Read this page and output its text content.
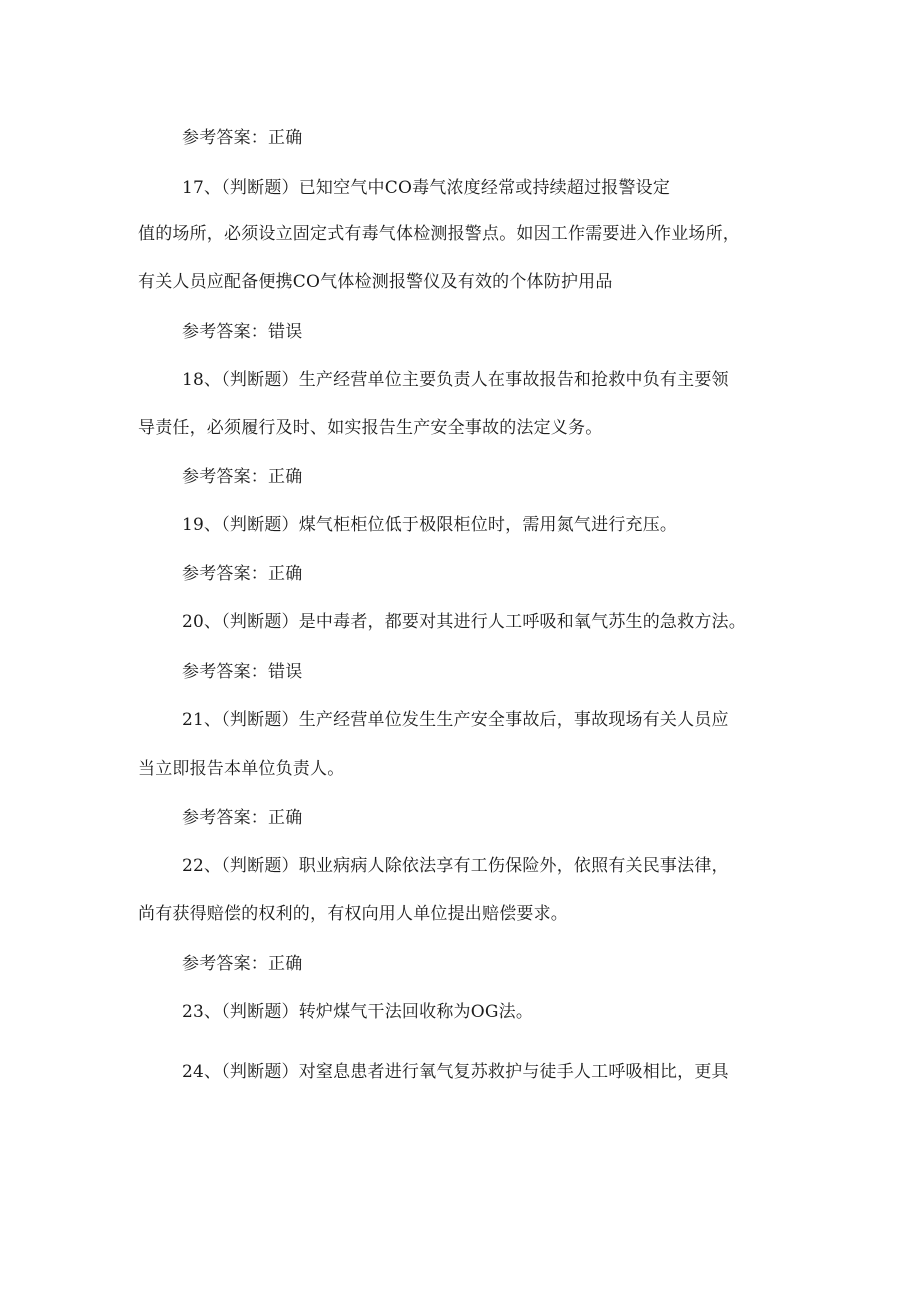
参考答案：正确
17、（判断题）已知空气中CO毒气浓度经常或持续超过报警设定
值的场所，必须设立固定式有毒气体检测报警点。如因工作需要进入作业场所，
有关人员应配备便携CO气体检测报警仪及有效的个体防护用品
参考答案：错误
18、（判断题）生产经营单位主要负责人在事故报告和抢救中负有主要领
导责任，必须履行及时、如实报告生产安全事故的法定义务。
参考答案：正确
19、（判断题）煤气柜柜位低于极限柜位时，需用氮气进行充压。
参考答案：正确
20、（判断题）是中毒者，都要对其进行人工呼吸和氧气苏生的急救方法。
参考答案：错误
21、（判断题）生产经营单位发生生产安全事故后，事故现场有关人员应
当立即报告本单位负责人。
参考答案：正确
22、（判断题）职业病病人除依法享有工伤保险外，依照有关民事法律，
尚有获得赔偿的权利的，有权向用人单位提出赔偿要求。
参考答案：正确
23、（判断题）转炉煤气干法回收称为OG法。
24、（判断题）对窒息患者进行氧气复苏救护与徒手人工呼吸相比，更具
